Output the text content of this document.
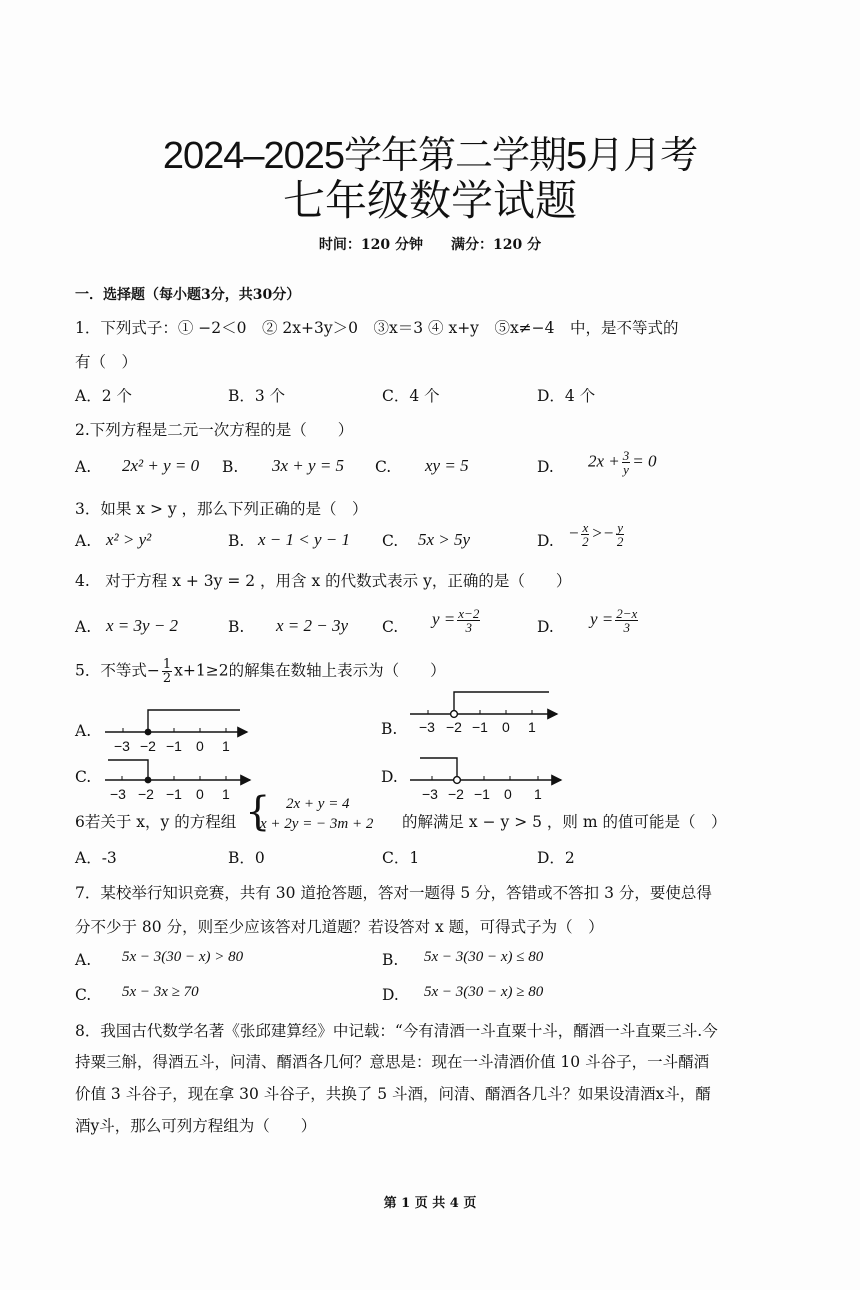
2024–2025学年第二学期5月月考
七年级数学试题
时间：120 分钟　　满分：120 分
一．选择题（每小题3分，共30分）
1．下列式子：① −2＜0　② 2x+3y＞0　③x＝3 ④ x+y　⑤x≠−4　中，是不等式的
有（　）
A．2 个	B．3 个	C．4 个	D．4 个
2.下列方程是二元一次方程的是（　　）
A. 2x² + y = 0 B. 3x + y = 5 C. xy = 5	D. $2x + \frac{3}{y} = 0$
3．如果 x > y ，那么下列正确的是（　）
A. x² > y²	B. x − 1 < y − 1 C. 5x > 5y	D. − $\frac{x}{2} >- \frac{y}{2}$
4.　对于方程 x + 3y = 2 ，用含 x 的代数式表示 y，正确的是（　　）
A. x = 3y − 2	B. x = 2 − 3y C. $y = \frac{x-2}{3}$	D. $y = \frac{2-x}{3}$
5．不等式− $\frac{1}{2} x+1\ge 2$的解集在数轴上表示为（　　）
A.	B.
C.	D.
−3 −2 −1 0 1
−3 −2 −1 0 1
−3 −2 −1 0 1	−3 −2 −1 0 1
6若关于 x，y 的方程组 { 2x + y = 4
x + 2y = − 3m + 2 的解满足 x − y > 5 ，则 m 的值可能是（　）
A．-3	B．0	C．1	D．2
7．某校举行知识竞赛，共有 30 道抢答题，答对一题得 5 分，答错或不答扣 3 分，要使总得
分不少于 80 分，则至少应该答对几道题？若设答对 x 题，可得式子为（　）
A. 5x − 3(30 − x) > 80	B. 5x − 3(30 − x) ≤ 80
C. 5x − 3x ≥ 70	D. 5x − 3(30 − x) ≥ 80
8．我国古代数学名著《张邱建算经》中记载：“今有清酒一斗直粟十斗，醑酒一斗直粟三斗.今
持粟三斛，得酒五斗，问清、醑酒各几何？意思是：现在一斗清酒价值 10 斗谷子，一斗醑酒
价值 3 斗谷子，现在拿 30 斗谷子，共换了 5 斗酒，问清、醑酒各几斗？如果设清酒x斗，醑
酒y斗，那么可列方程组为（　　）
第 1 页 共 4 页
